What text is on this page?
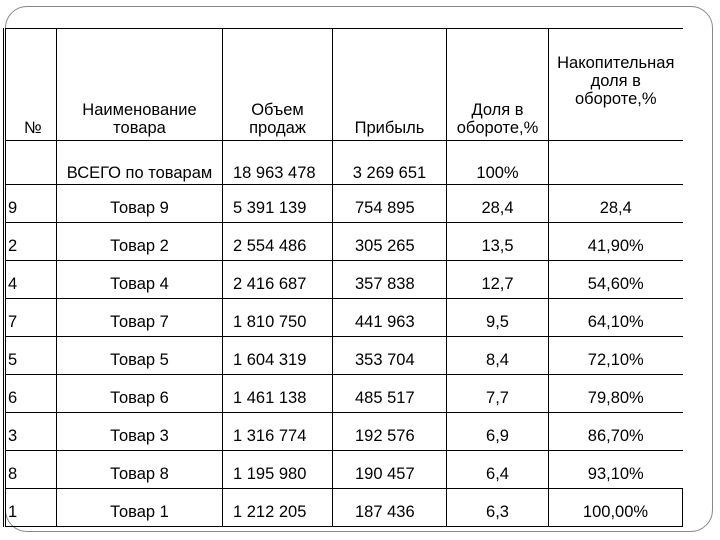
№	Наименование товара	Объем продаж	Прибыль	Доля в обороте,%	Накопительная доля в обороте,%
	ВСЕГО по товарам	18 963 478	3 269 651	100%	
9	Товар 9	5 391 139	754 895	28,4	28,4
2	Товар 2	2 554 486	305 265	13,5	41,90%
4	Товар 4	2 416 687	357 838	12,7	54,60%
7	Товар 7	1 810 750	441 963	9,5	64,10%
5	Товар 5	1 604 319	353 704	8,4	72,10%
6	Товар 6	1 461 138	485 517	7,7	79,80%
3	Товар 3	1 316 774	192 576	6,9	86,70%
8	Товар 8	1 195 980	190 457	6,4	93,10%
1	Товар 1	1 212 205	187 436	6,3	100,00%
